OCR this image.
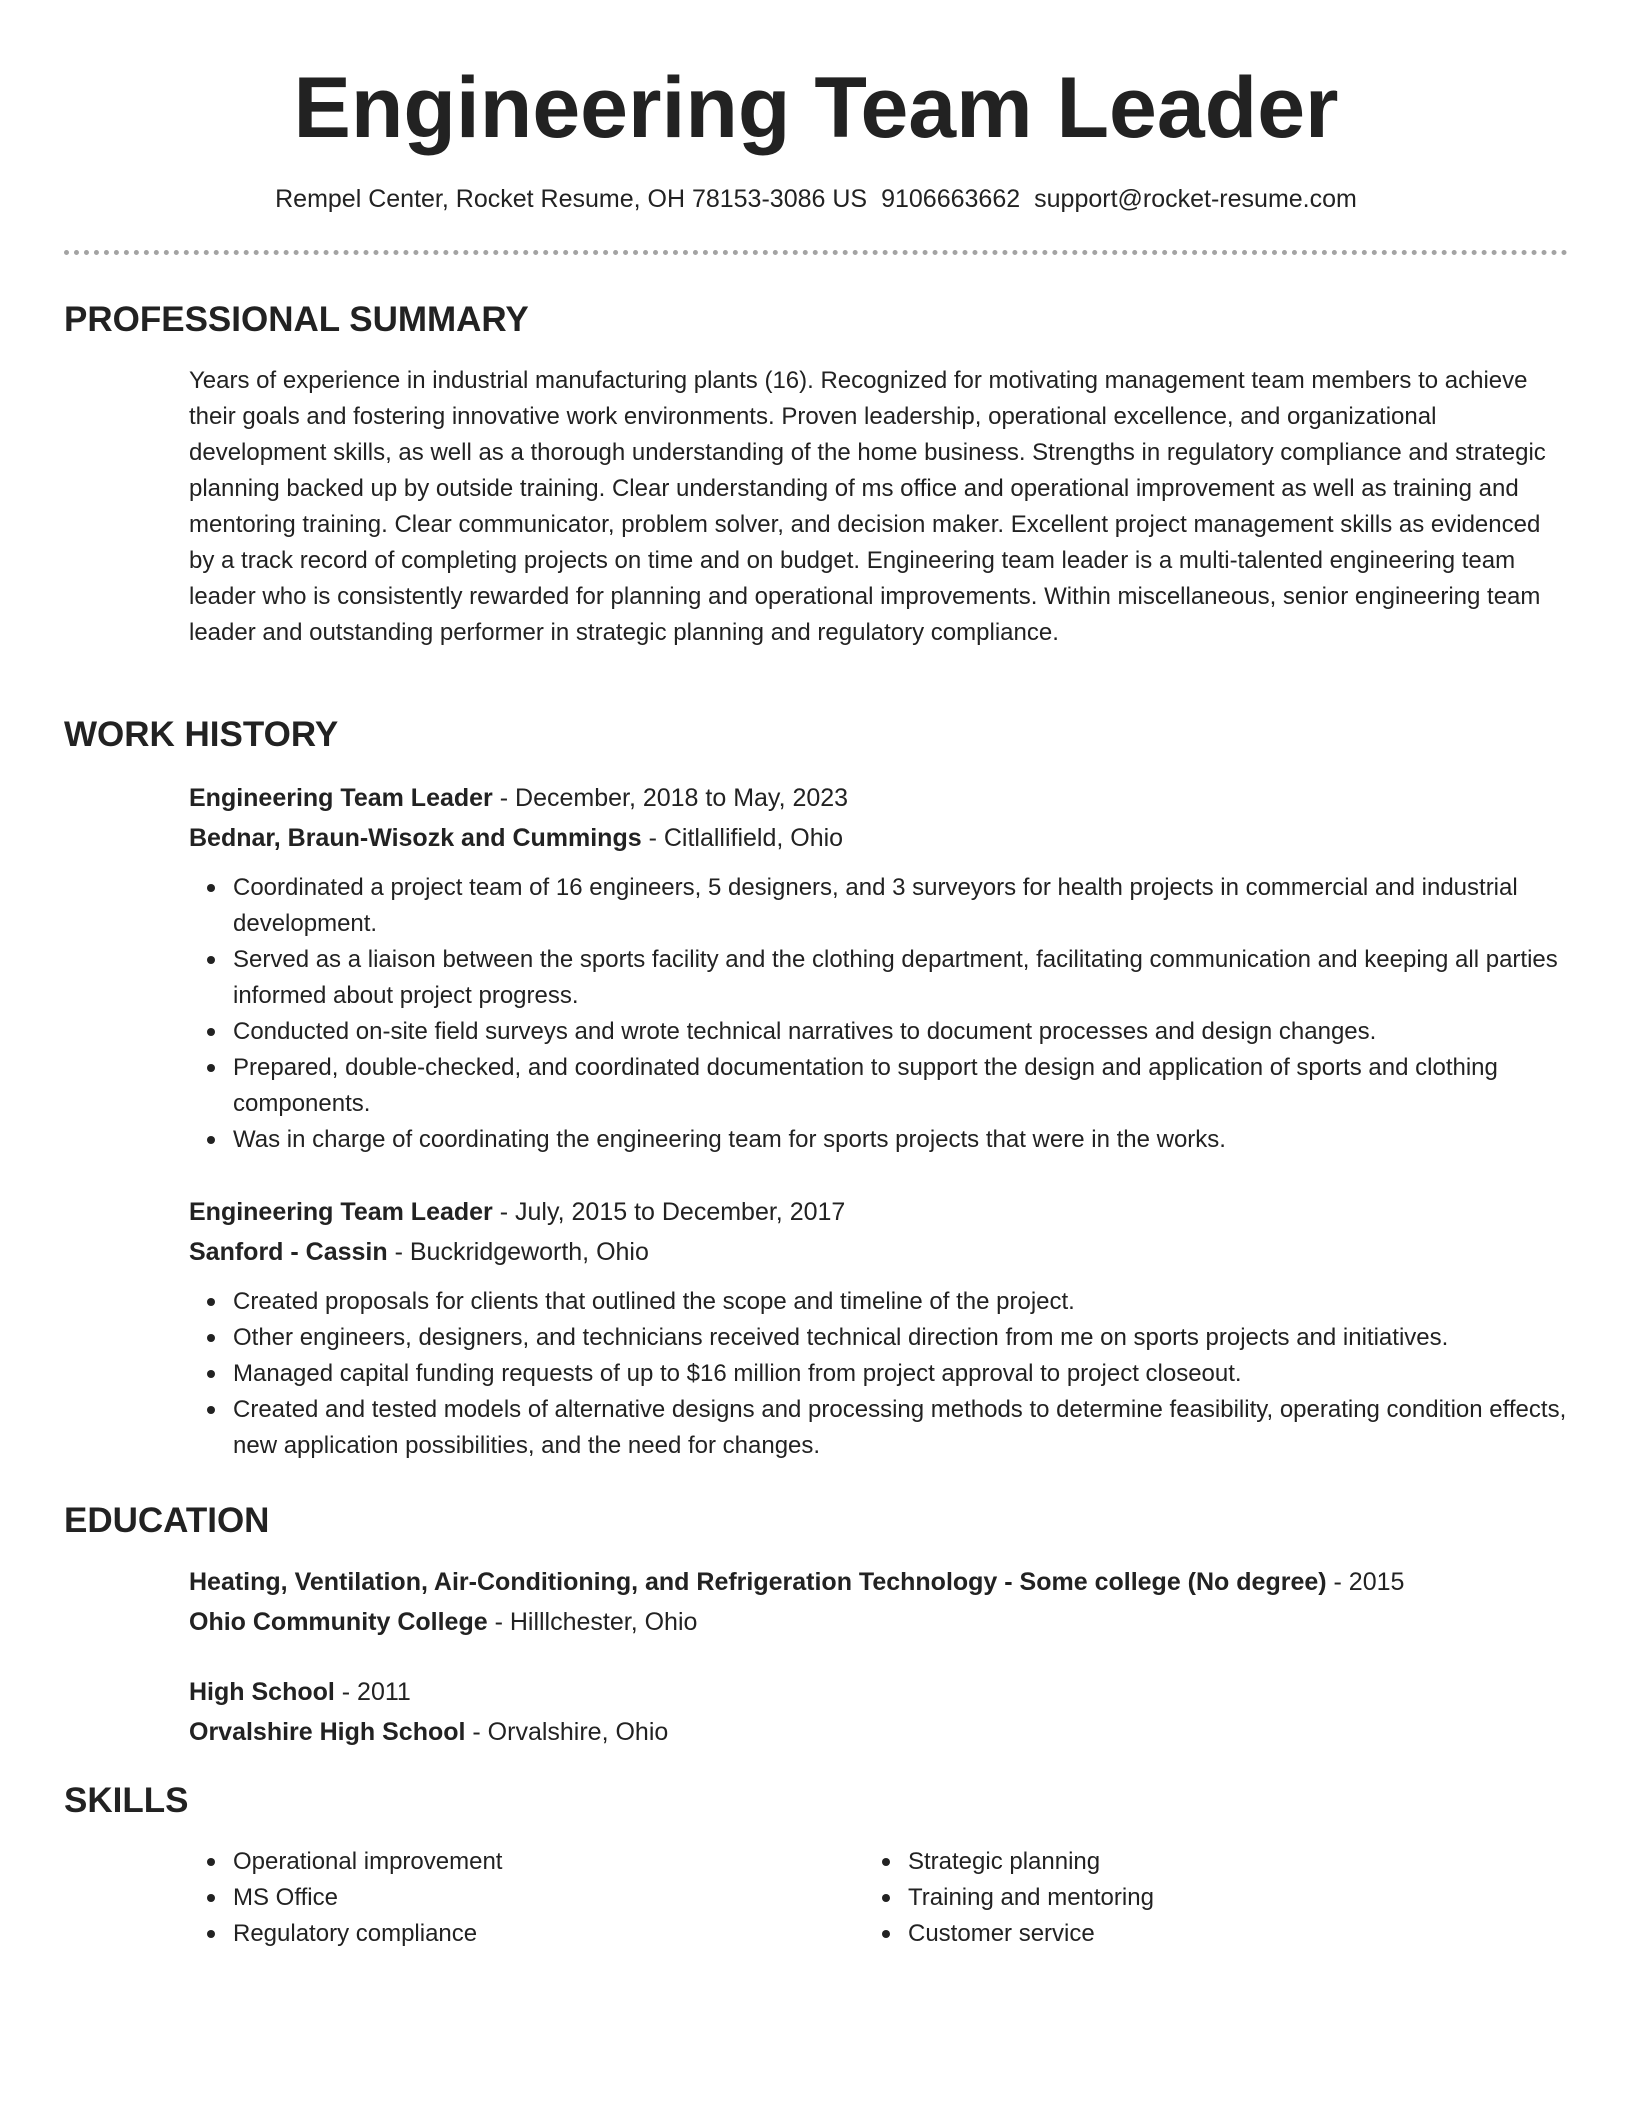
Engineering Team Leader
Rempel Center, Rocket Resume, OH 78153-3086 US 9106663662 support@rocket-resume.com
PROFESSIONAL SUMMARY
Years of experience in industrial manufacturing plants (16). Recognized for motivating management team members to achieve their goals and fostering innovative work environments. Proven leadership, operational excellence, and organizational development skills, as well as a thorough understanding of the home business. Strengths in regulatory compliance and strategic planning backed up by outside training. Clear understanding of ms office and operational improvement as well as training and mentoring training. Clear communicator, problem solver, and decision maker. Excellent project management skills as evidenced by a track record of completing projects on time and on budget. Engineering team leader is a multi-talented engineering team leader who is consistently rewarded for planning and operational improvements. Within miscellaneous, senior engineering team leader and outstanding performer in strategic planning and regulatory compliance.
WORK HISTORY
Engineering Team Leader - December, 2018 to May, 2023
Bednar, Braun-Wisozk and Cummings - Citlallifield, Ohio
Coordinated a project team of 16 engineers, 5 designers, and 3 surveyors for health projects in commercial and industrial development.
Served as a liaison between the sports facility and the clothing department, facilitating communication and keeping all parties informed about project progress.
Conducted on-site field surveys and wrote technical narratives to document processes and design changes.
Prepared, double-checked, and coordinated documentation to support the design and application of sports and clothing components.
Was in charge of coordinating the engineering team for sports projects that were in the works.
Engineering Team Leader - July, 2015 to December, 2017
Sanford - Cassin - Buckridgeworth, Ohio
Created proposals for clients that outlined the scope and timeline of the project.
Other engineers, designers, and technicians received technical direction from me on sports projects and initiatives.
Managed capital funding requests of up to $16 million from project approval to project closeout.
Created and tested models of alternative designs and processing methods to determine feasibility, operating condition effects, new application possibilities, and the need for changes.
EDUCATION
Heating, Ventilation, Air-Conditioning, and Refrigeration Technology - Some college (No degree) - 2015
Ohio Community College - Hilllchester, Ohio
High School - 2011
Orvalshire High School - Orvalshire, Ohio
SKILLS
Operational improvement
MS Office
Regulatory compliance
Strategic planning
Training and mentoring
Customer service
